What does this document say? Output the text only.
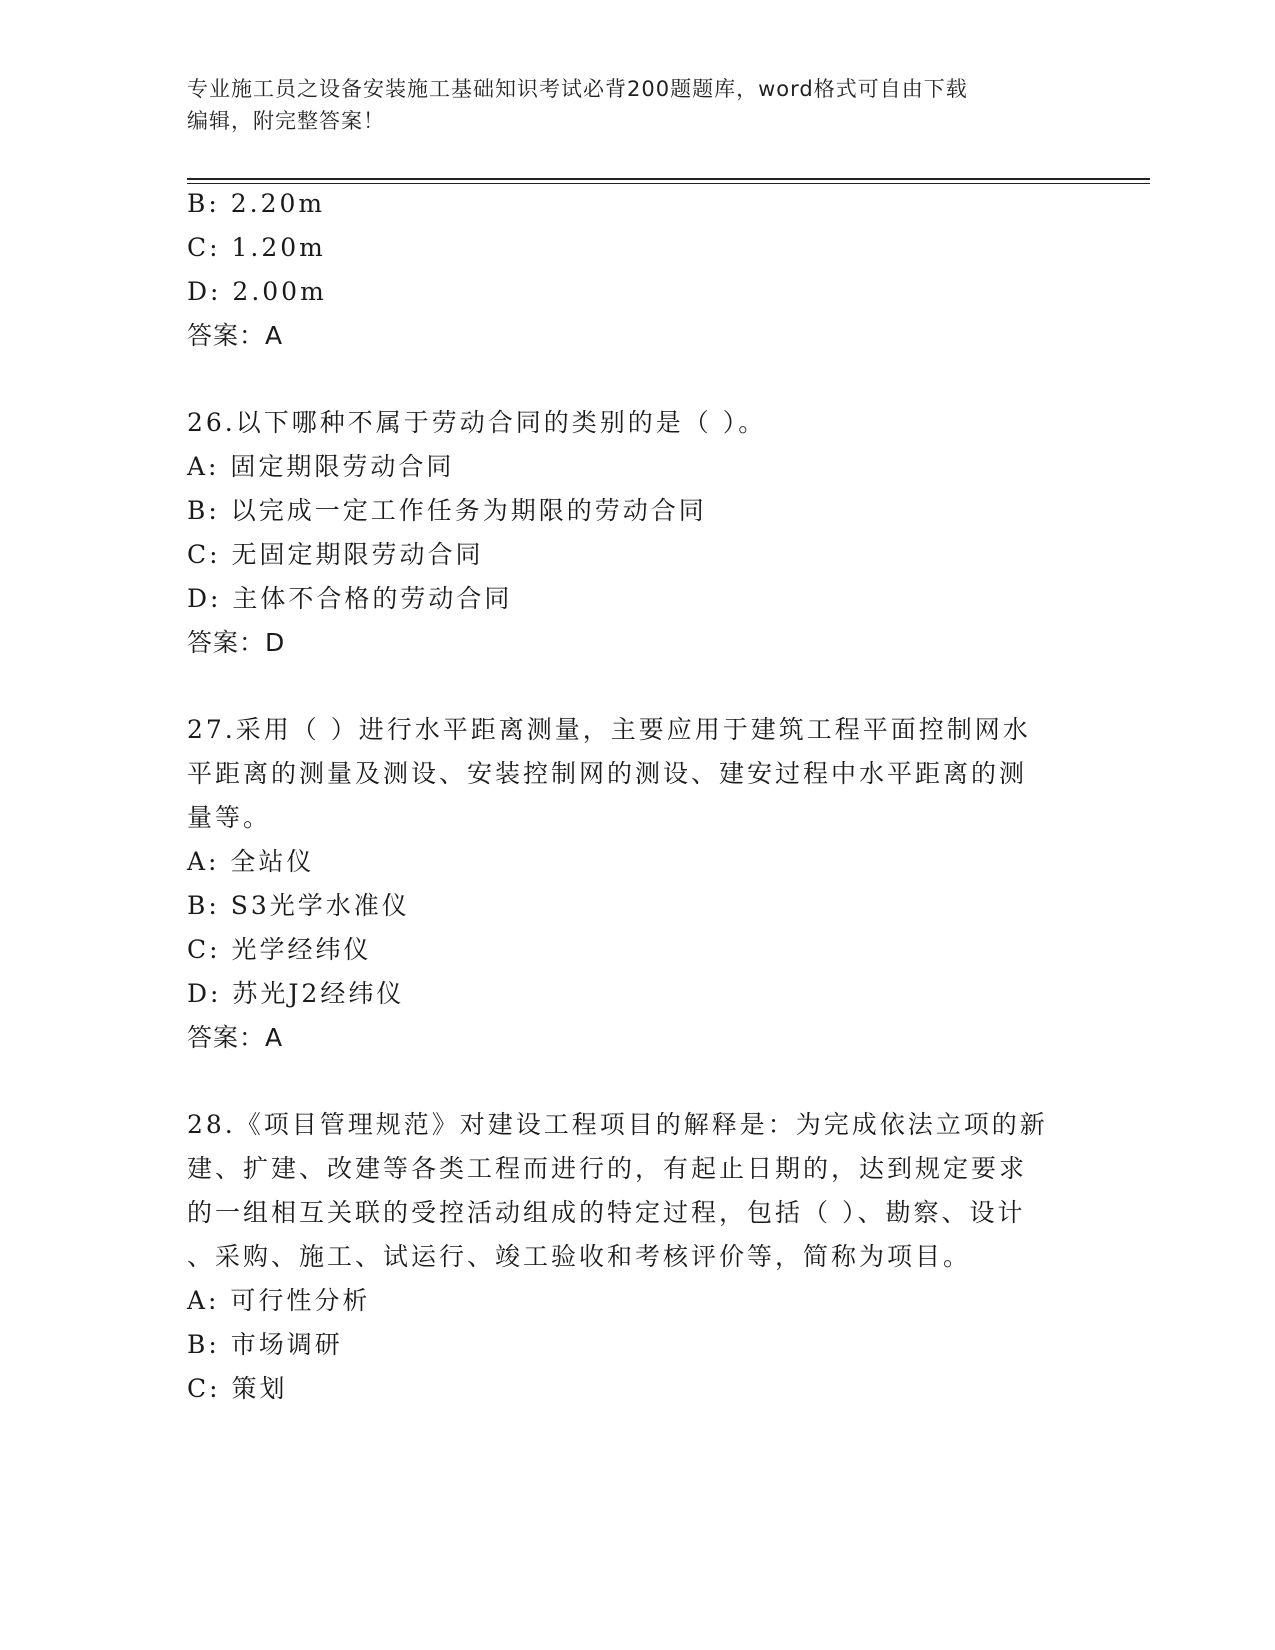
专业施工员之设备安装施工基础知识考试必背200题题库，word格式可自由下载
编辑，附完整答案！
B: 2.20m
C: 1.20m
D: 2.00m
答案：A
26.以下哪种不属于劳动合同的类别的是（ ）。
A: 固定期限劳动合同
B: 以完成一定工作任务为期限的劳动合同
C: 无固定期限劳动合同
D: 主体不合格的劳动合同
答案：D
27.采用（ ）进行水平距离测量，主要应用于建筑工程平面控制网水
平距离的测量及测设、安装控制网的测设、建安过程中水平距离的测
量等。
A: 全站仪
B: S3光学水准仪
C: 光学经纬仪
D: 苏光J2经纬仪
答案：A
28.《项目管理规范》对建设工程项目的解释是：为完成依法立项的新
建、扩建、改建等各类工程而进行的，有起止日期的，达到规定要求
的一组相互关联的受控活动组成的特定过程，包括（ ）、勘察、设计
、采购、施工、试运行、竣工验收和考核评价等，简称为项目。
A: 可行性分析
B: 市场调研
C: 策划
